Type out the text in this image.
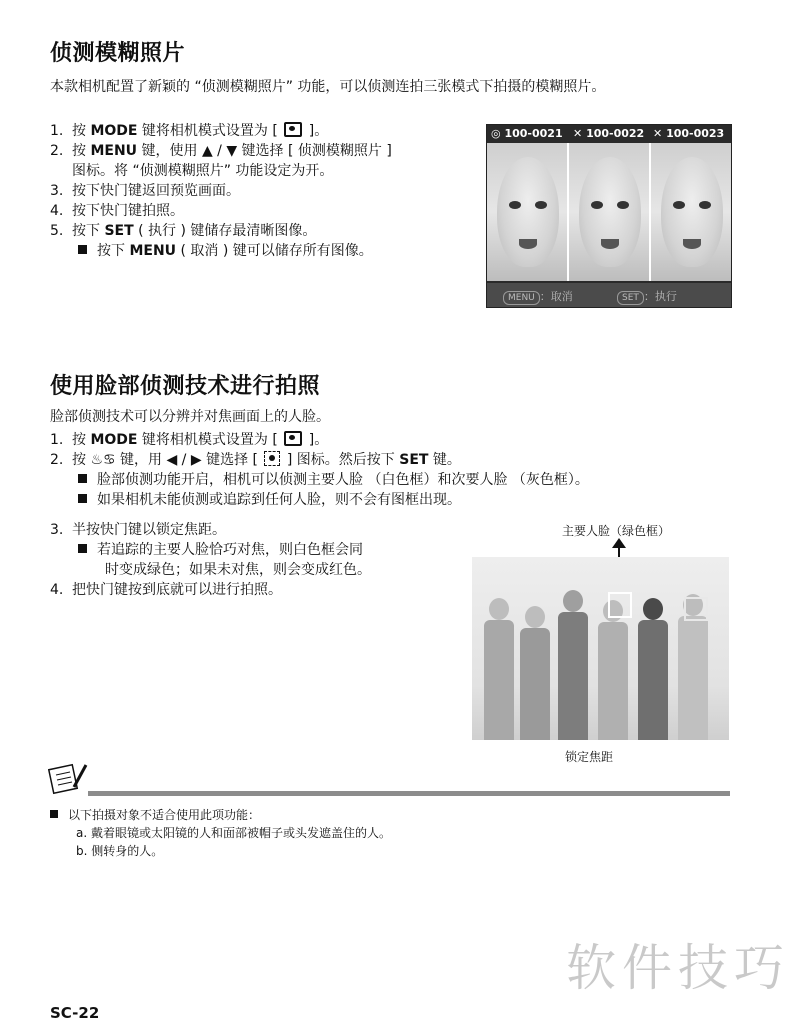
侦测模糊照片
本款相机配置了新颖的 “侦测模糊照片” 功能，可以侦测连拍三张模式下拍摄的模糊照片。
1. 按 MODE 键将相机模式设置为 [ ]。
2. 按 MENU 键，使用 ▲ / ▼ 键选择 [ 侦测模糊照片 ]
图标。将 “侦测模糊照片” 功能设定为开。
3. 按下快门键返回预览画面。
4. 按下快门键拍照。
5. 按下 SET ( 执行 ) 键储存最清晰图像。
按下 MENU ( 取消 ) 键可以储存所有图像。
◎ 100-0021 ✕ 100-0022 ✕ 100-0023
MENU ：取消	SET ：执行
使用脸部侦测技术进行拍照
脸部侦测技术可以分辨并对焦画面上的人脸。
1. 按 MODE 键将相机模式设置为 [ ]。
2. 按 ♨♋ 键，用 ◀ / ▶ 键选择 [ ] 图标。然后按下 SET 键。
脸部侦测功能开启，相机可以侦测主要人脸 （白色框）和次要人脸 （灰色框）。
如果相机未能侦测或追踪到任何人脸，则不会有图框出现。
3. 半按快门键以锁定焦距。
若追踪的主要人脸恰巧对焦，则白色框会同
时变成绿色；如果未对焦，则会变成红色。
4. 把快门键按到底就可以进行拍照。
主要人脸（绿色框）
锁定焦距
以下拍摄对象不适合使用此项功能：
a. 戴着眼镜或太阳镜的人和面部被帽子或头发遮盖住的人。
b. 侧转身的人。
软件技巧
SC-22
